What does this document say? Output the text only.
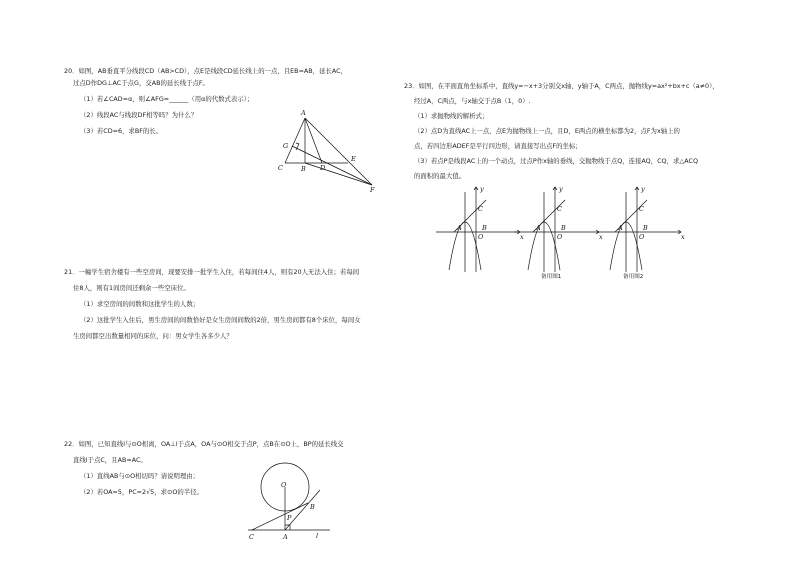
20．如图，AB垂直平分线段CD（AB>CD），点E是线段CD延长线上的一点，且EB=AB，延长AC，
过点D作DG⊥AC于点G，交AB的延长线于点F。
（1）若∠CAD=α，则∠AFG=______（用α的代数式表示）；
（2）线段AC与线段DF相等吗？为什么？
（3）若CD=6，求BF的长。
A
G
C	B D
E
F
21．一幢学生宿舍楼有一些空房间，现要安排一批学生入住，若每间住4人，则有20人无法入住；若每间
住8人，则有1间房间还剩余一些空床位。
（1）求空房间的间数和这批学生的人数；
（2）这批学生入住后，男生房间的间数恰好是女生房间间数的2倍，男生房间都有8个床位，每间女
生房间都空出数量相同的床位，问：男女学生各多少人？
22．如图，已知直线l与⊙O相离，OA⊥l于点A，OA与⊙O相交于点P，点B在⊙O上，BP的延长线交
直线l于点C，且AB=AC。
（1）直线AB与⊙O相切吗？请说明理由；
（2）若OA=5，PC=2√5，求⊙O的半径。
O
B
P
C	A	l
23．如图，在平面直角坐标系中，直线y=−x+3分别交x轴、y轴于A，C两点，抛物线y=ax²+bx+c（a≠0），
经过A，C两点，与x轴交于点B（1，0）.
（1）求抛物线的解析式；
（2）点D为直线AC上一点，点E为抛物线上一点，且D，E两点的横坐标都为2，点F为x轴上的
点，若四边形ADEF是平行四边形，请直接写出点F的坐标；
（3）若点P是线段AC上的一个动点，过点P作x轴的垂线，交抛物线于点Q，连接AQ，CQ，求△ACQ
的面积的最大值。
A	B
C
O
y
x
A	B
C
O
y
x
备用图1
A	B
C
O
y
x
备用图2
